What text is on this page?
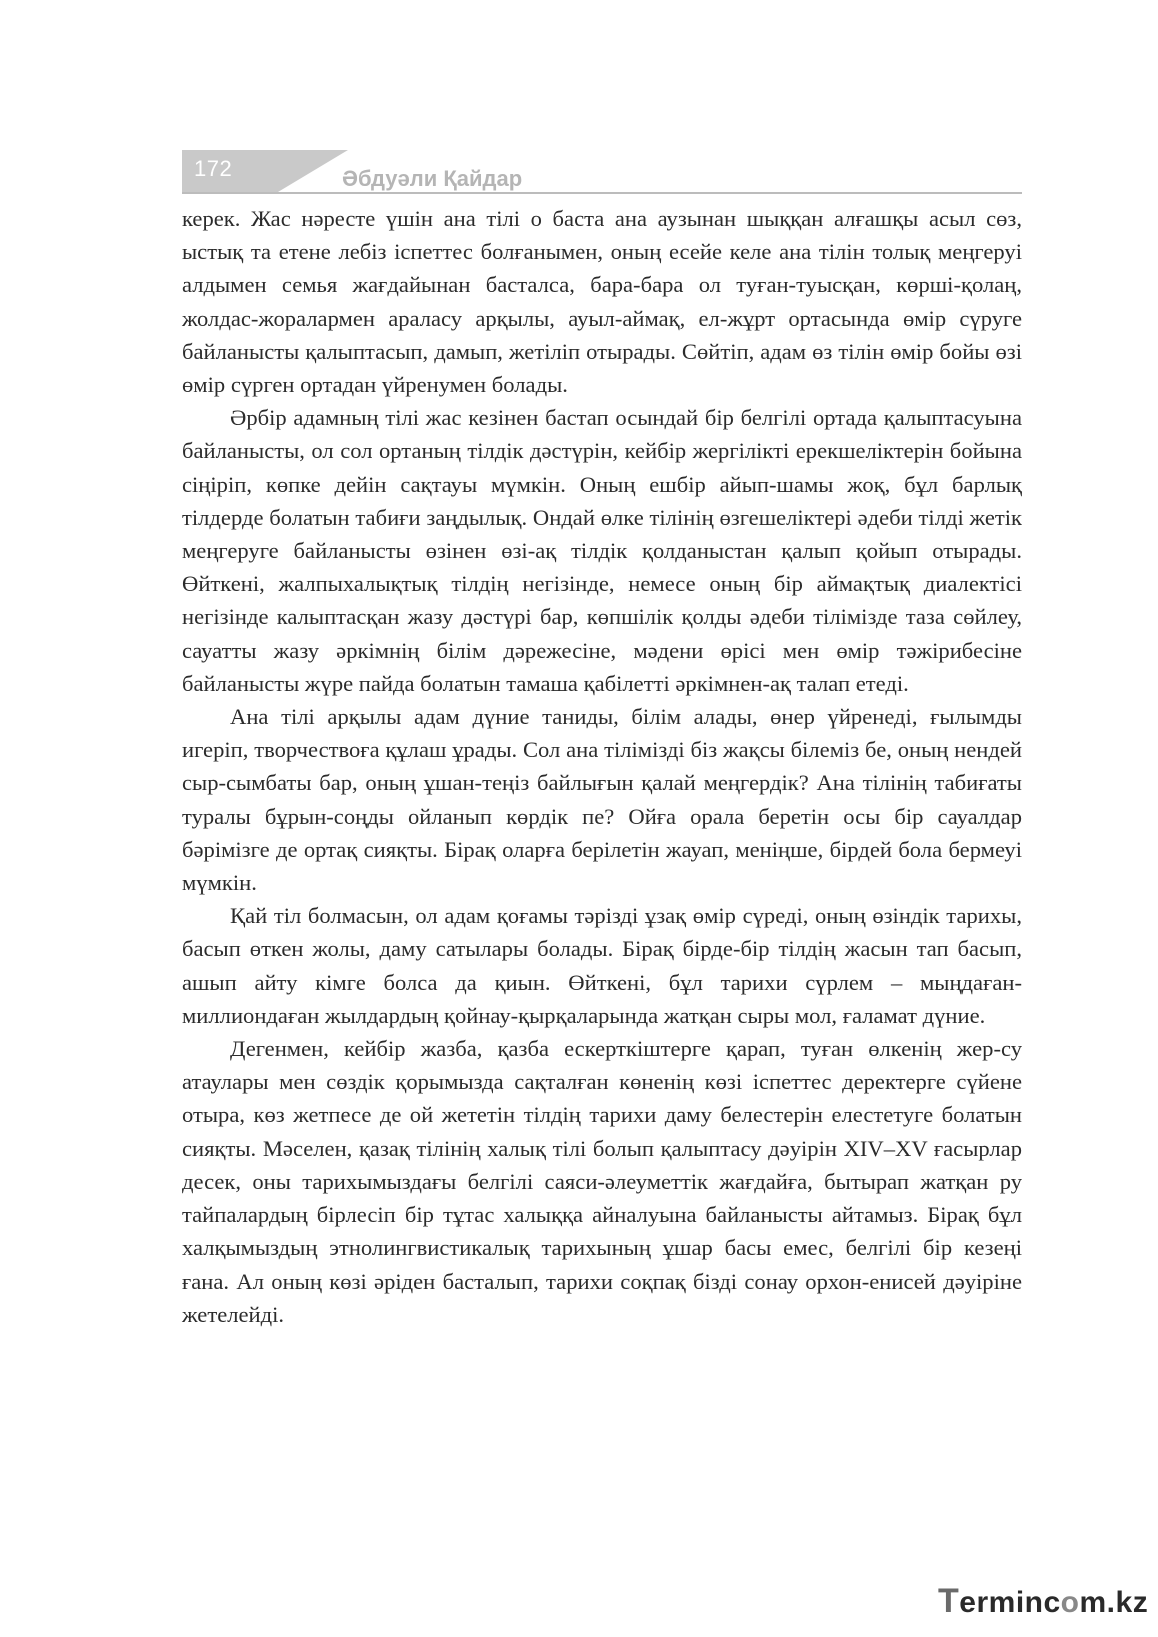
172	Әбдуәли Қайдар

керек. Жас нәресте үшін ана тілі о баста ана аузынан шыққан алғашқы асыл сөз, ыстық та етене лебіз іспеттес болғанымен, оның есейе келе ана тілін толық меңгеруі алдымен семья жағдайынан басталса, бара-бара ол туған-туысқан, көрші-қолаң, жолдас-жоралармен араласу арқылы, ауыл-аймақ, ел-жұрт ортасында өмір сүруге байланысты қалыптасып, дамып, жетіліп отырады. Сөйтіп, адам өз тілін өмір бойы өзі өмір сүрген ортадан үйренумен болады.

Әрбір адамның тілі жас кезінен бастап осындай бір белгілі ортада қалыптасуына байланысты, ол сол ортаның тілдік дәстүрін, кейбір жергілікті ерекшеліктерін бойына сіңіріп, көпке дейін сақтауы мүмкін. Оның ешбір айып-шамы жоқ, бұл барлық тілдерде болатын табиғи заңдылық. Ондай өлке тілінің өзгешеліктері әдеби тілді жетік меңгеруге байланысты өзінен өзі-ақ тілдік қолданыстан қалып қойып отырады. Өйткені, жалпыхалықтық тілдің негізінде, немесе оның бір аймақтық диалектісі негізінде калыптасқан жазу дәстүрі бар, көпшілік қолды әдеби тілімізде таза сөйлеу, сауатты жазу әркімнің білім дәрежесіне, мәдени өрісі мен өмір тәжірибесіне байланысты жүре пайда болатын тамаша қабілетті әркімнен-ақ талап етеді.

Ана тілі арқылы адам дүние таниды, білім алады, өнер үйренеді, ғылымды игеріп, творчествоға құлаш ұрады. Сол ана тілімізді біз жақсы білеміз бе, оның нендей сыр-сымбаты бар, оның ұшан-теңіз байлығын қалай меңгердік? Ана тілінің табиғаты туралы бұрын-соңды ойланып көрдік пе? Ойға орала беретін осы бір сауалдар бәрімізге де ортақ сияқты. Бірақ оларға берілетін жауап, меніңше, бірдей бола бермеуі мүмкін.

Қай тіл болмасын, ол адам қоғамы тәрізді ұзақ өмір сүреді, оның өзіндік тарихы, басып өткен жолы, даму сатылары болады. Бірақ бірде-бір тілдің жасын тап басып, ашып айту кімге болса да қиын. Өйткені, бұл тарихи сүрлем – мыңдаған-миллиондаған жылдардың қойнау-қырқаларында жатқан сыры мол, ғаламат дүние.

Дегенмен, кейбір жазба, қазба ескерткіштерге қарап, туған өлкенің жер-су атаулары мен сөздік қорымызда сақталған көненің көзі іспеттес деректерге сүйене отыра, көз жетпесе де ой жететін тілдің тарихи даму белестерін елестетуге болатын сияқты. Мәселен, қазақ тілінің халық тілі болып қалыптасу дәуірін XIV–XV ғасырлар десек, оны тарихымыздағы белгілі саяси-әлеуметтік жағдайға, бытырап жатқан ру тайпалардың бірлесіп бір тұтас халыққа айналуына байланысты айтамыз. Бірақ бұл халқымыздың этнолингвистикалық тарихының ұшар басы емес, белгілі бір кезеңі ғана. Ал оның көзі әріден басталып, тарихи соқпақ бізді сонау орхон-енисей дәуіріне жетелейді.

Termincom.kz
